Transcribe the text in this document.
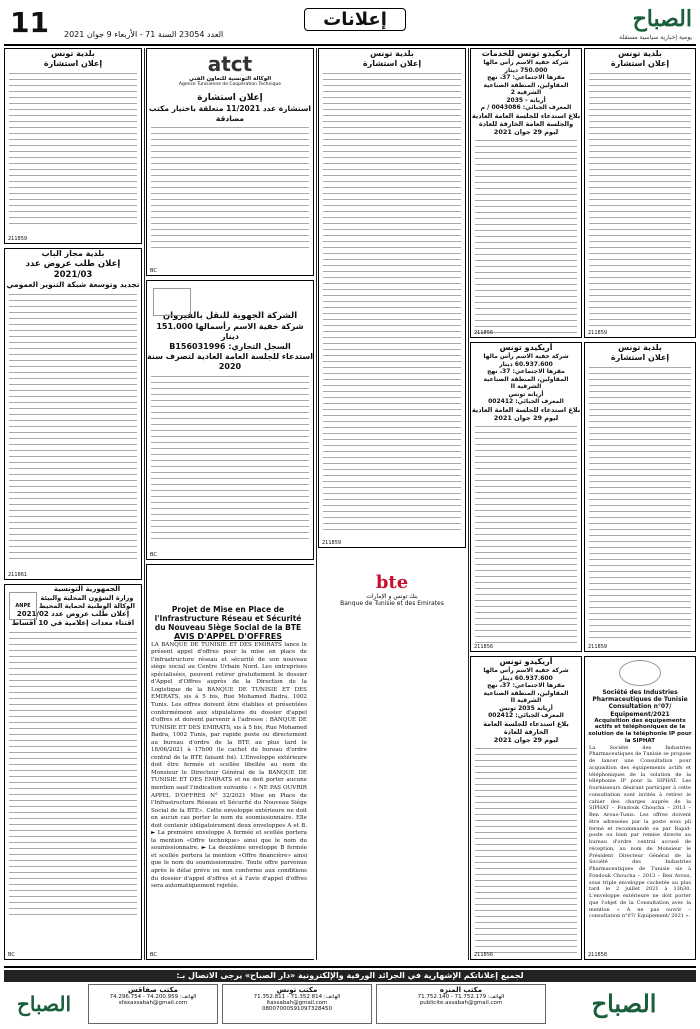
11 العدد 23054 السنة 71 - الأربعاء 9 جوان 2021
إعلانات	الصباح
يومية إخبارية سياسية مستقلة
أريكيدو تونس للخدمات
شركة خفية الاسم رأس مالها 750.000 دينار
مقرها الاجتماعي: 37، نهج المقاولين، المنطقة الصناعية الشرقية 2
أريانة - 2035
المعرف الجبائي: 0043086 / م
بلاغ استدعاء للجلسة العامة العادية والجلسة العامة الخارقة للعادة
ليوم 29 جوان 2021
211856
بلدية تونس
إعلان استشارة
211859
أريكيدو تونس
شركة خفية الاسم رأس مالها 60.937.600 دينار
مقرها الاجتماعي: 37، نهج المقاولين، المنطقة الصناعية الشرقية II
أريانة تونس
المعرف الجبائي: 002412
بلاغ استدعاء للجلسة العامة العادية
ليوم 29 جوان 2021
211856
بلدية تونس
إعلان استشارة
211859
أريكيدو تونس
شركة خفية الاسم رأس مالها 60.937.600 دينار
مقرها الاجتماعي: 37، نهج المقاولين، المنطقة الصناعية الشرقية II
أريانة 2035 تونس
المعرف الجبائي: 002412
بلاغ استدعاء للجلسة العامة الخارقة للعادة
ليوم 29 جوان 2021
211856
Société des Industries Pharmaceutiques de Tunisie
Consultation n°07/ Equipement/2021
Acquisition des équipements actifs et téléphoniques de la solution de la téléphonie IP pour la SIPHAT
La Société des Industries Pharmaceutiques de Tunisie se propose de lancer une Consultation pour acquisition des équipements actifs et téléphoniques de la solution de la téléphonie IP pour la SIPHAT. Les fournisseurs désirant participer à cette consultation sont invités à retirer le cahier des charges auprès de la SIPHAT – Fondouk Choucha – 2013 – Ben Arous-Tunis. Les offres doivent être adressées par la poste sous pli fermé et recommandé ou par Rapid-poste ou bien par remise directe au bureau d'ordre central accusé de réception, au nom de Monsieur le Président Directeur Général de la Société des Industries Pharmaceutiques de Tunisie sis à Fondouk Choucha – 2013 – Ben Arous, sous triple enveloppe cachetée au plus tard le 2 juillet 2021 à 13h30. L'enveloppe extérieure ne doit porter que l'objet de la Consultation avec la mention « A ne pas ouvrir – consultation n°07/ Equipement/ 2021 ».
211858
بلدية تونس
إعلان استشارة
211859
bte
بنك تونس و الإمارات
Banque de Tunisie et des Emirates
atct
الوكالة التونسية للتعاون الفني
Agence Tunisienne de Coopération Technique
إعلان استشارة
استشارة عدد 11/2021 متعلقة باختيار مكتب مصادقة
BC
الشركة الجهوية للنقل بالقيروان
شركة خفية الاسم رأسمالها 151.000 دينار
السجل التجاري: B156031996
استدعاء للجلسة العامة العادية لتصرف سنة 2020
BC
Projet de Mise en Place de l'Infrastructure Réseau et Sécurité du Nouveau Siège Social de la BTE
AVIS D'APPEL D'OFFRES
LA BANQUE DE TUNISIE ET DES EMIRATS lance le présent appel d'offres pour la mise en place de l'infrastructure réseau et sécurité de son nouveau siège social au Centre Urbain Nord. Les entreprises spécialisées, peuvent retirer gratuitement le dossier d'Appel d'Offres auprès de la Direction de la Logistique de la BANQUE DE TUNISIE ET DES EMIRATS, sis à 5 bis, Rue Mohamed Badra, 1002 Tunis. Les offres doivent être établies et présentées conformément aux stipulations du dossier d'appel d'offres et doivent parvenir à l'adresse : BANQUE DE TUNISIE ET DES EMIRATS, sis à 5 bis, Rue Mohamed Badra, 1002 Tunis, par rapide poste ou directement au bureau d'ordre de la BTE au plus tard le 18/06/2021 à 17h00 (le cachet du bureau d'ordre central de la BTE faisant foi). L'Enveloppe extérieure doit être fermée et scellée libellée au nom de Monsieur le Directeur Général de la BANQUE DE TUNISIE ET DES EMIRATS et ne doit porter aucune mention sauf l'indication suivante : « NE PAS OUVRIR APPEL D'OFFRES N° 32/2021 Mise en Place de l'Infrastructure Réseau et Sécurité du Nouveau Siège Social de la BTE». Cette enveloppe extérieure ne doit en aucun cas porter le nom du soumissionnaire. Elle doit contenir obligatoirement deux enveloppes A et B. ► La première enveloppe A fermée et scellée portera la mention «Offre technique» ainsi que le nom du soumissionnaire. ► La deuxième enveloppe B fermée et scellée portera la mention «Offre financière» ainsi que le nom du soumissionnaire. Toute offre parvenue après le délai prévu ou non conforme aux conditions du dossier d'appel d'offres et à l'avis d'appel d'offres sera automatiquement rejetée.
BC
بلدية تونس
إعلان استشارة
211859
بلدية مجاز الباب
إعلان طلب عروض عدد 2021/03
تجديد وتوسعة شبكة التنوير العمومي
211861
ANPE
الجمهورية التونسية
وزارة الشؤون المحلية والبيئة
الوكالة الوطنية لحماية المحيط
إعلان طلب عروض عدد 2021/02
اقتناء معدات إعلامية في 10 أقساط
BC
لجميع إعلاناتكم الإشهارية في الجرائد الورقية والإلكترونية «دار الصباح» يرجى الاتصال بـ:
الصباح
مكتب صفاقس
الهاتف: 74.200.959 - 74.296.754
sfaxassabah@gmail.com
مكتب تونس
الهاتف: 71.352.814 - 71.352.811
ltassabah@gmail.com
08007000591097328450
مكتب المنزه
الهاتف: 71.752.179 - 71.752.140
publicite.assabah@gmail.com	الصباح
